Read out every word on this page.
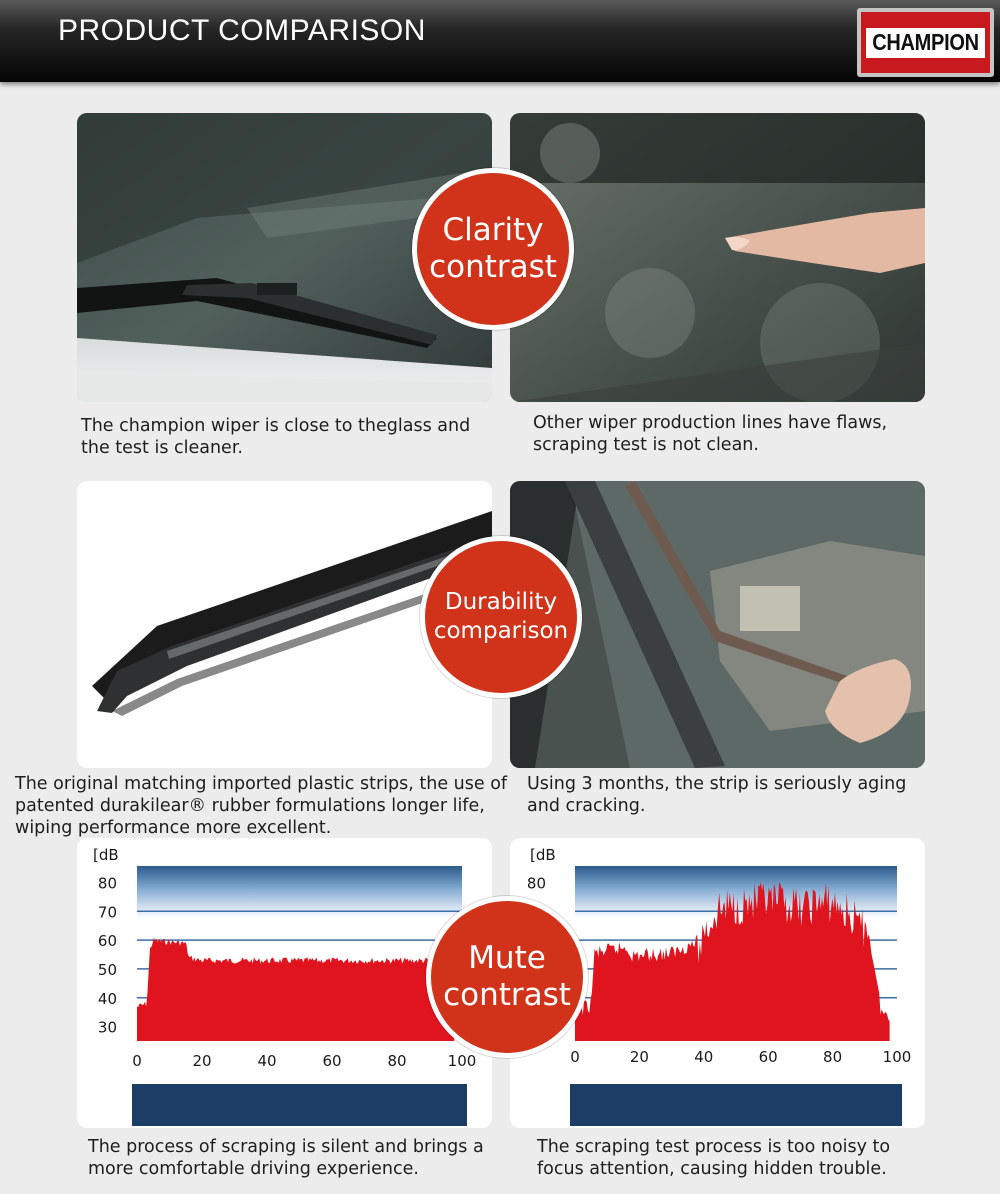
PRODUCT COMPARISON	CHAMPION
Clarity
contrast

The champion wiper is close to theglass and the test is cleaner.

Other wiper production lines have flaws, scraping test is not clean.

Durability
comparison

The original matching imported plastic strips, the use of patented durakilear® rubber formulations longer life, wiping performance more excellent.

Using 3 months, the strip is seriously aging and cracking.

30
40
50
60
70
80
[dB
0	20	40	60	80	100
80
[dB
0	20	40	60	80	100
Mute
contrast

The process of scraping is silent and brings a more comfortable driving experience.

The scraping test process is too noisy to focus attention, causing hidden trouble.
